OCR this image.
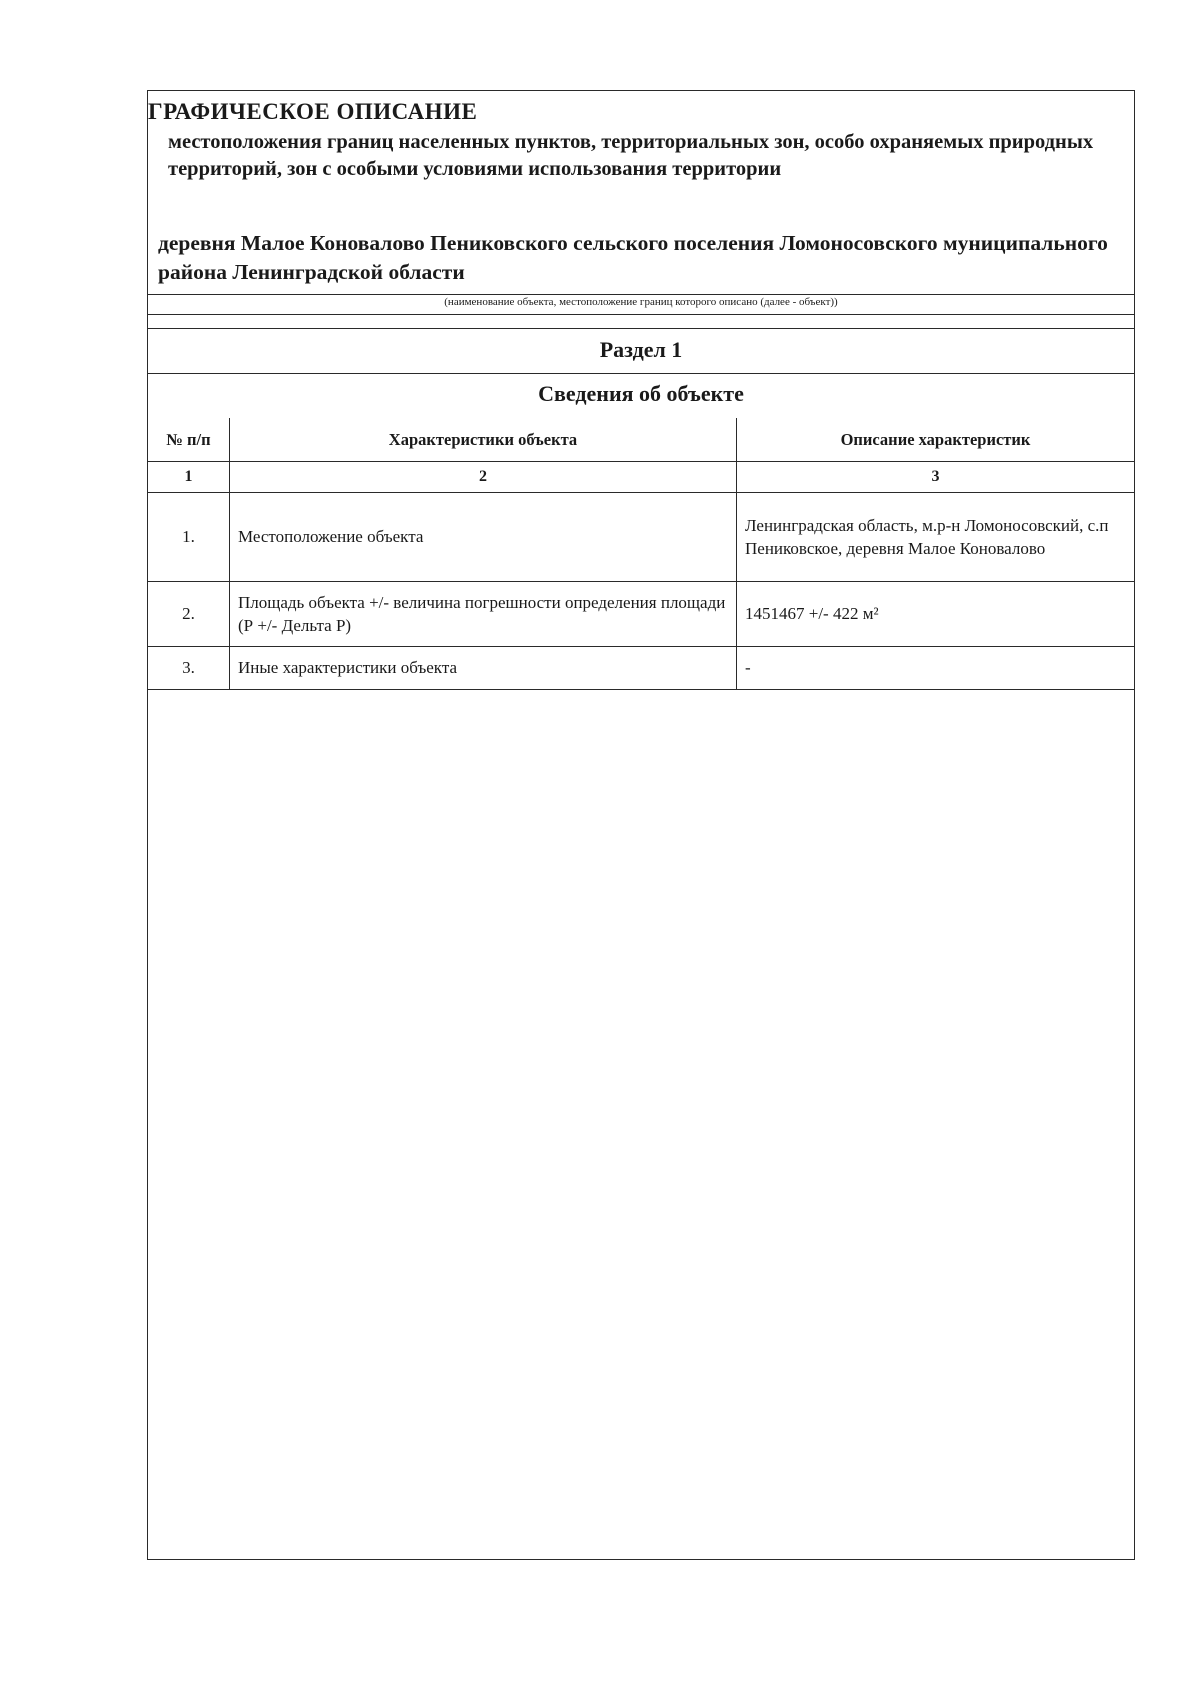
ГРАФИЧЕСКОЕ ОПИСАНИЕ
местоположения границ населенных пунктов, территориальных зон, особо охраняемых природных территорий, зон с особыми условиями использования территории
деревня Малое Коновалово Пениковского сельского поселения Ломоносовского муниципального района Ленинградской области
(наименование объекта, местоположение границ которого описано (далее - объект))
Раздел 1
Сведения об объекте
№ п/п	Характеристики объекта	Описание характеристик
1	2	3
1.	Местоположение объекта	Ленинградская область, м.р-н Ломоносовский, с.п Пениковское, деревня Малое Коновалово
2.	Площадь объекта +/- величина погрешности определения площади (Р +/- Дельта Р)	1451467 +/- 422 м²
3.	Иные характеристики объекта	-
